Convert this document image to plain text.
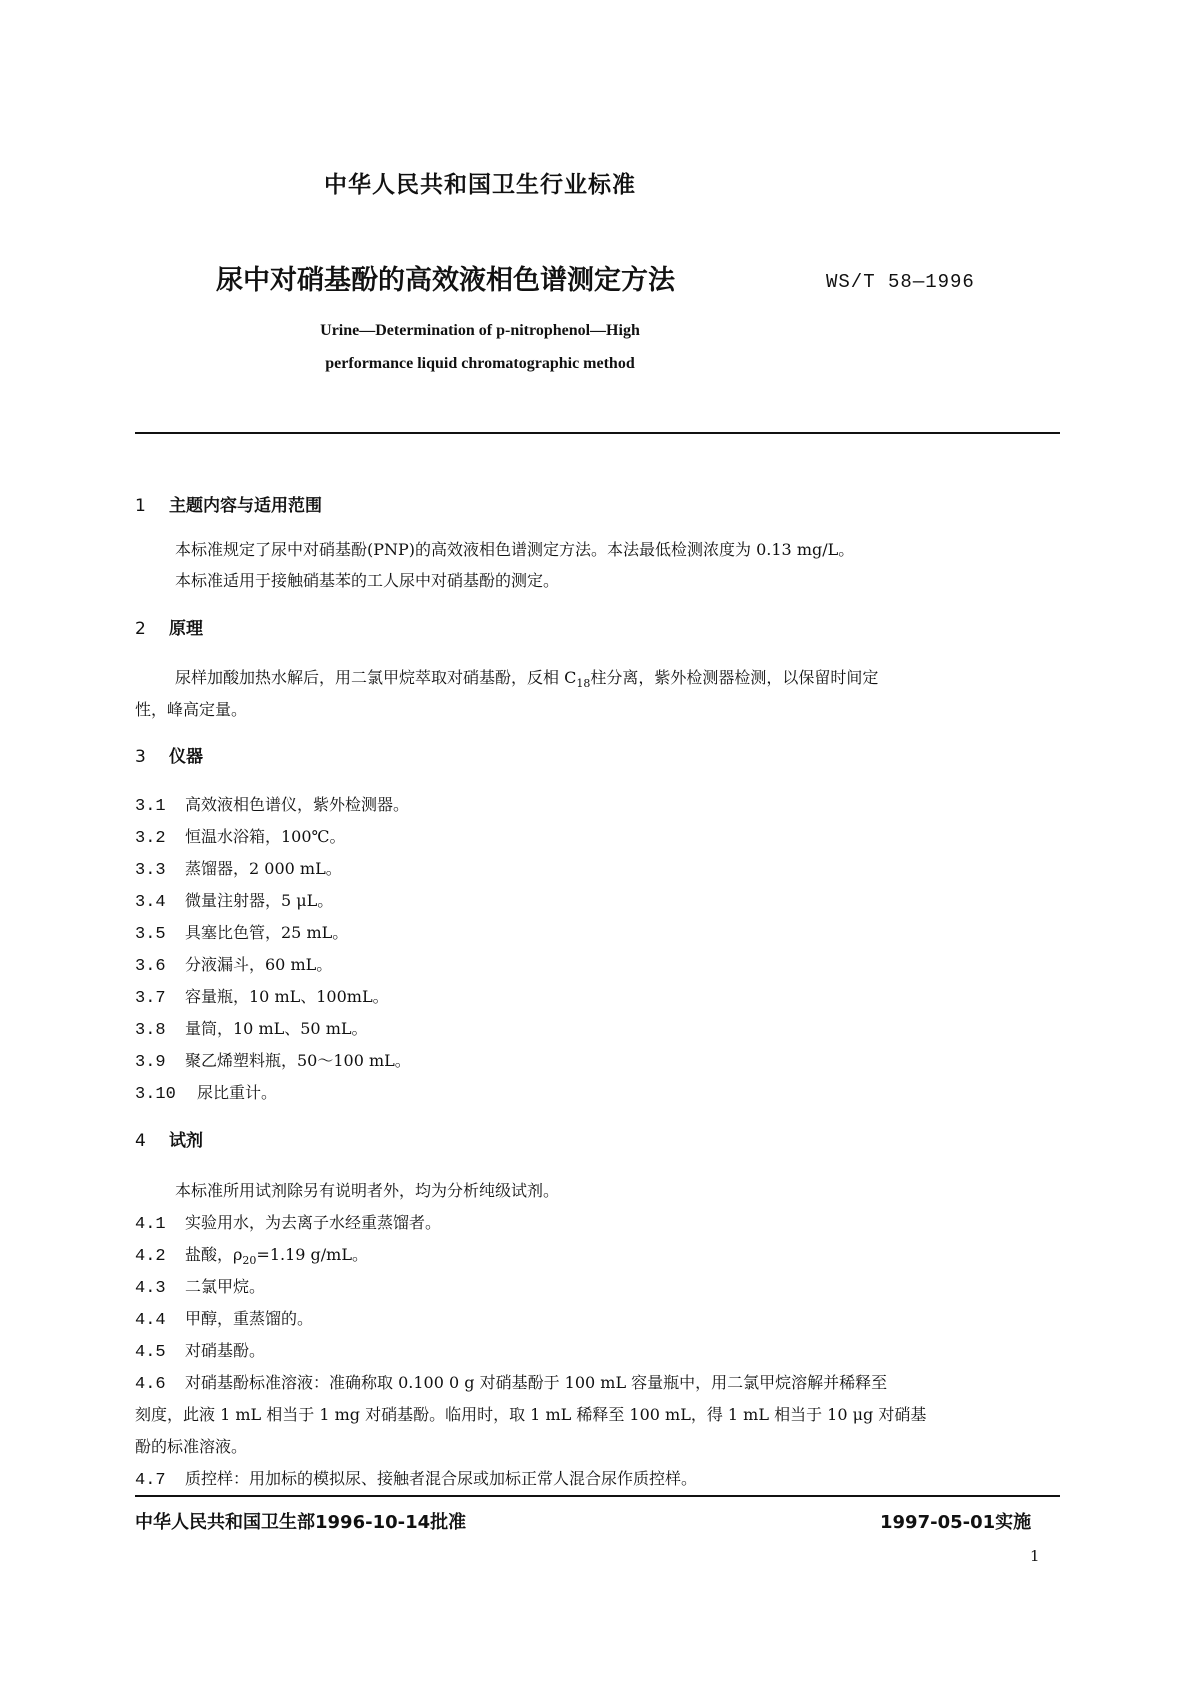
中华人民共和国卫生行业标准
尿中对硝基酚的高效液相色谱测定方法	WS/T 58—1996
Urine—Determination of p-nitrophenol—High
performance liquid chromatographic method
1 主题内容与适用范围
本标准规定了尿中对硝基酚(PNP)的高效液相色谱测定方法。本法最低检测浓度为 0.13 mg/L。
本标准适用于接触硝基苯的工人尿中对硝基酚的测定。
2 原理
尿样加酸加热水解后，用二氯甲烷萃取对硝基酚，反相 $C_{18}$柱分离，紫外检测器检测，以保留时间定
性，峰高定量。
3 仪器
3.1 高效液相色谱仪，紫外检测器。
3.2 恒温水浴箱，100℃。
3.3 蒸馏器，2 000 mL。
3.4 微量注射器，5 μL。
3.5 具塞比色管，25 mL。
3.6 分液漏斗，60 mL。
3.7 容量瓶，10 mL、100mL。
3.8 量筒，10 mL、50 mL。
3.9 聚乙烯塑料瓶，50～100 mL。
3.10 尿比重计。
4 试剂
本标准所用试剂除另有说明者外，均为分析纯级试剂。
4.1 实验用水，为去离子水经重蒸馏者。
4.2 盐酸，$\rho_{20}=1.19$ g/mL。
4.3 二氯甲烷。
4.4 甲醇，重蒸馏的。
4.5 对硝基酚。
4.6 对硝基酚标准溶液：准确称取 0.100 0 g 对硝基酚于 100 mL 容量瓶中，用二氯甲烷溶解并稀释至
刻度，此液 1 mL 相当于 1 mg 对硝基酚。临用时，取 1 mL 稀释至 100 mL，得 1 mL 相当于 10 μg 对硝基
酚的标准溶液。
4.7 质控样：用加标的模拟尿、接触者混合尿或加标正常人混合尿作质控样。
中华人民共和国卫生部1996-10-14批准	1997-05-01实施
1
